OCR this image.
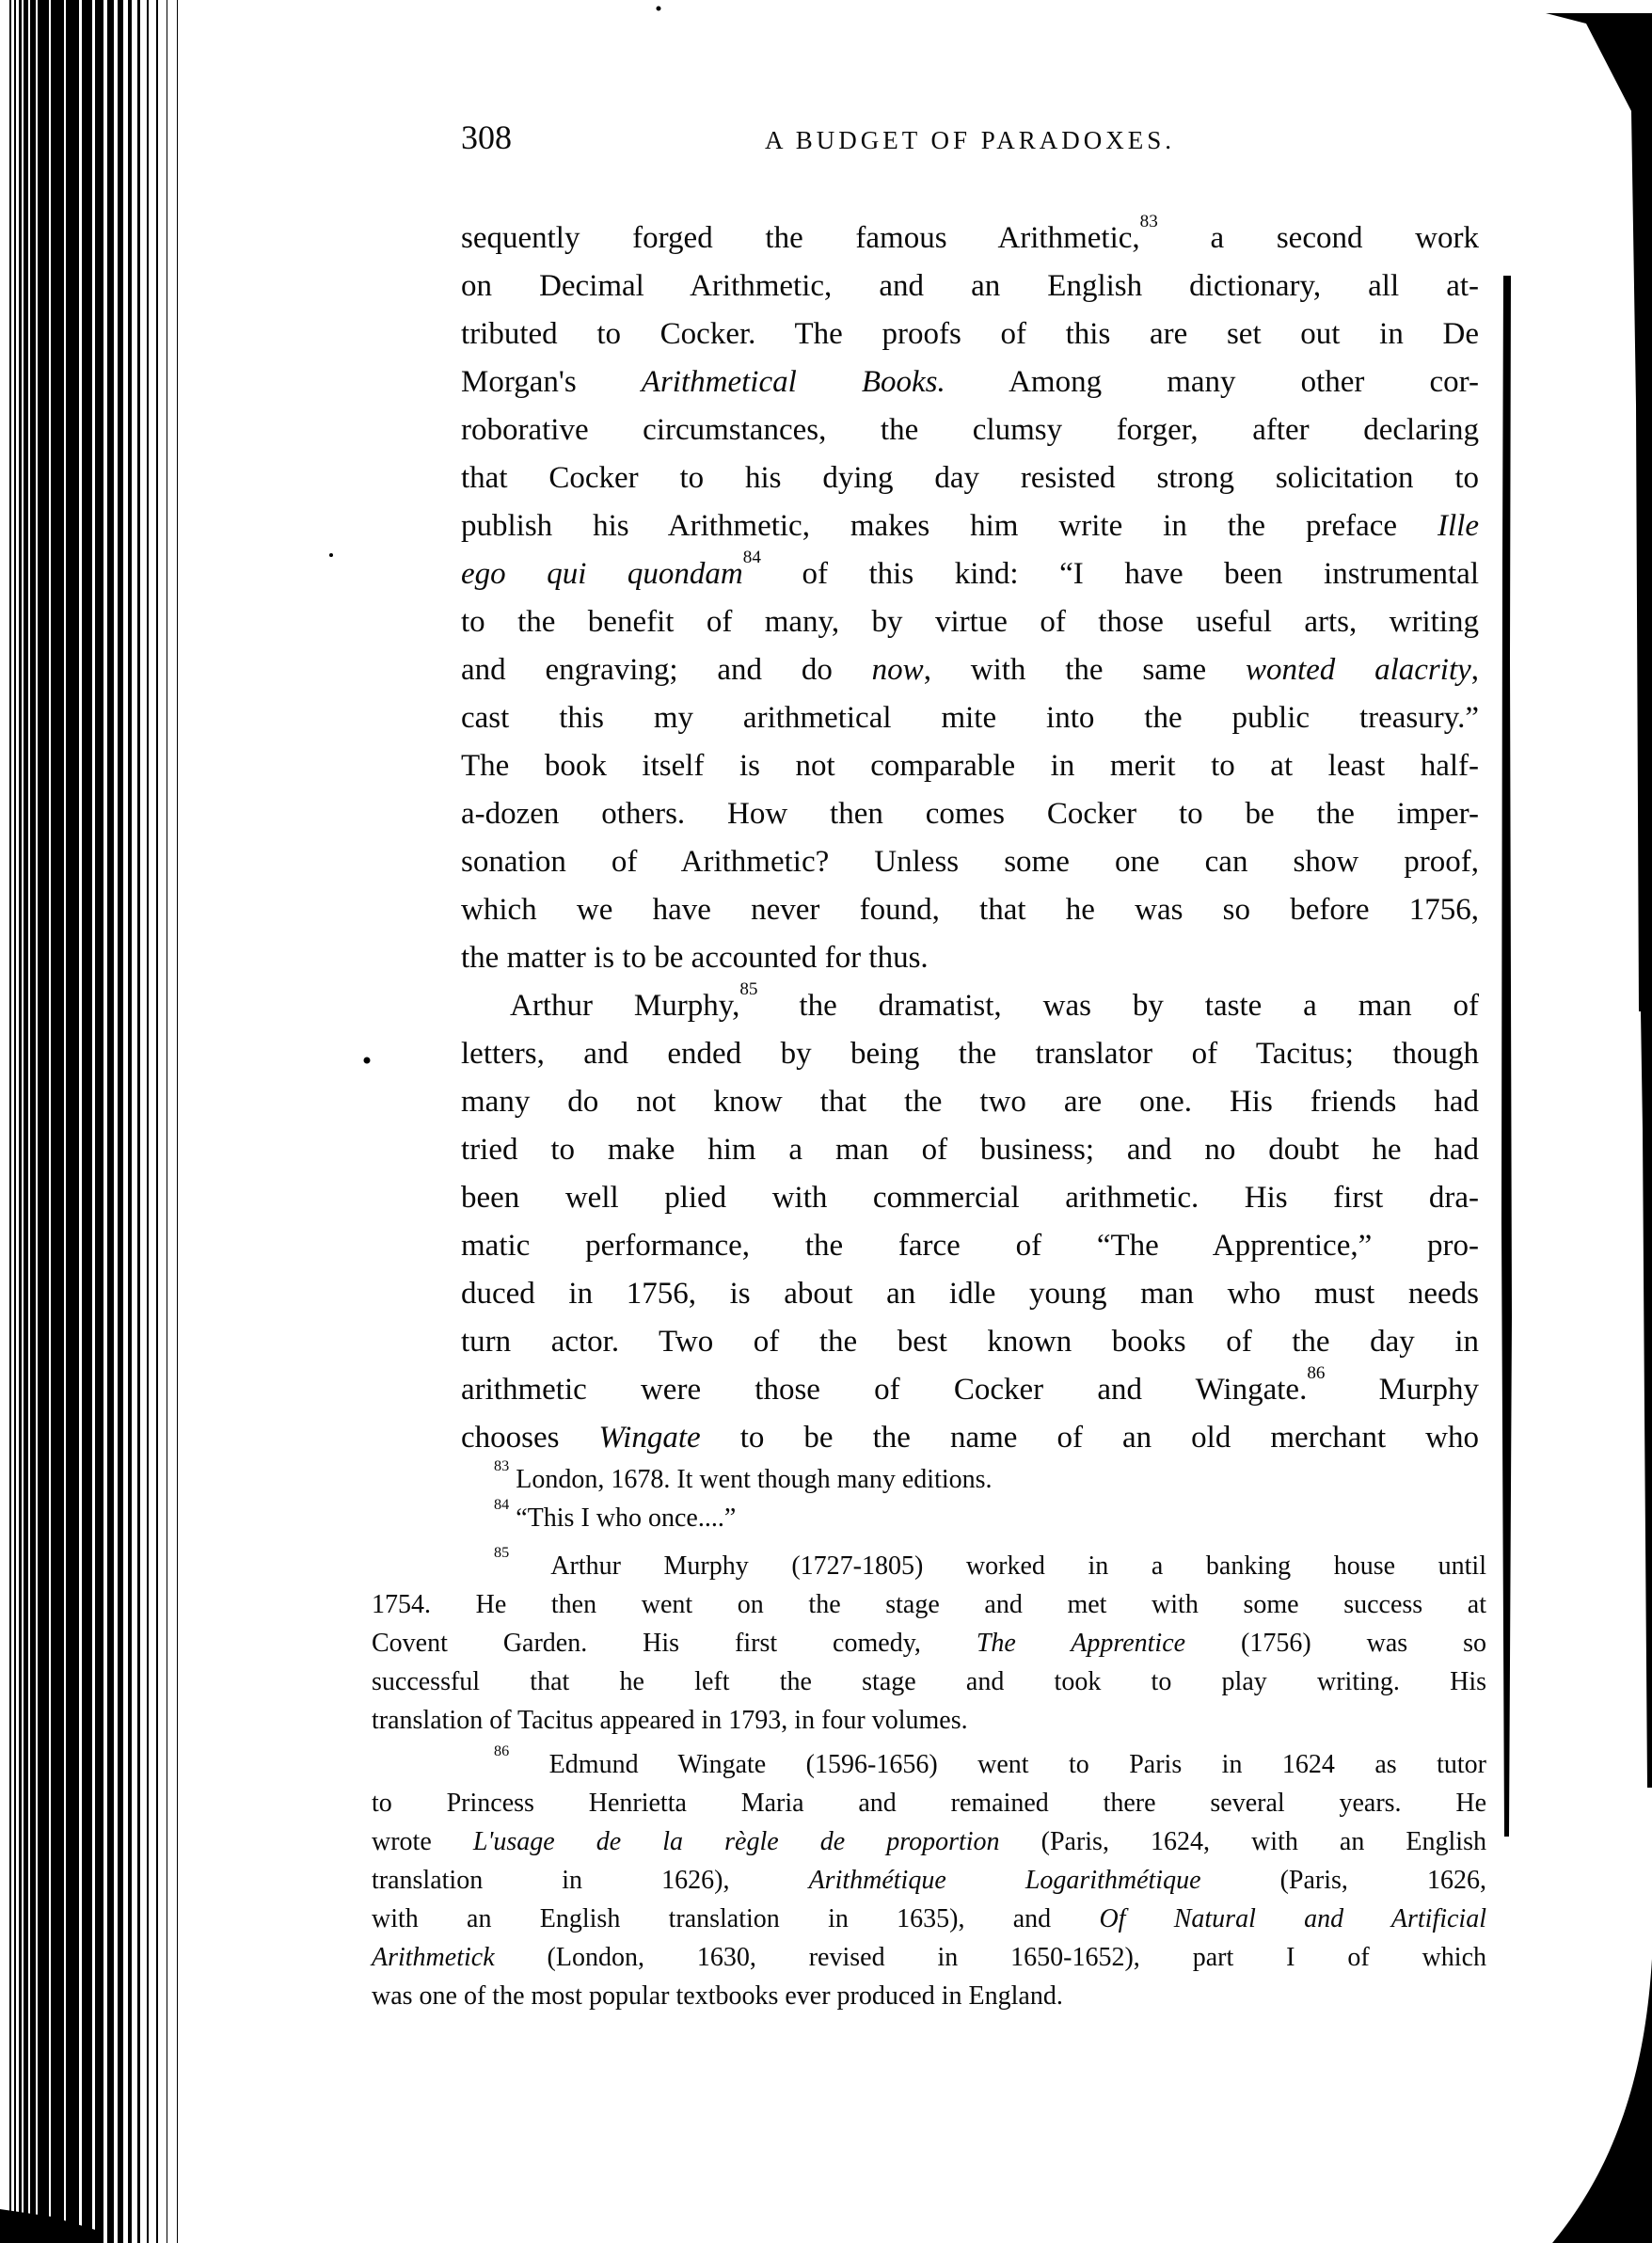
308	A BUDGET OF PARADOXES.
sequently forged the famous Arithmetic,$^{83}$ a second work
on Decimal Arithmetic, and an English dictionary, all at-
tributed to Cocker. The proofs of this are set out in De
Morgan's Arithmetical Books. Among many other cor-
roborative circumstances, the clumsy forger, after declaring
that Cocker to his dying day resisted strong solicitation to
publish his Arithmetic, makes him write in the preface Ille
ego qui quondam$^{84}$ of this kind: “I have been instrumental
to the benefit of many, by virtue of those useful arts, writing
and engraving; and do now, with the same wonted alacrity,
cast this my arithmetical mite into the public treasury.”
The book itself is not comparable in merit to at least half-
a-dozen others. How then comes Cocker to be the imper-
sonation of Arithmetic? Unless some one can show proof,
which we have never found, that he was so before 1756,
the matter is to be accounted for thus.
Arthur Murphy,$^{85}$ the dramatist, was by taste a man of
letters, and ended by being the translator of Tacitus; though
many do not know that the two are one. His friends had
tried to make him a man of business; and no doubt he had
been well plied with commercial arithmetic. His first dra-
matic performance, the farce of “The Apprentice,” pro-
duced in 1756, is about an idle young man who must needs
turn actor. Two of the best known books of the day in
arithmetic were those of Cocker and Wingate.$^{86}$ Murphy
chooses Wingate to be the name of an old merchant who
$^{83}$ London, 1678. It went though many editions.
$^{84}$ “This I who once....”
$^{85}$ Arthur Murphy (1727-1805) worked in a banking house until
1754. He then went on the stage and met with some success at
Covent Garden. His first comedy, The Apprentice (1756) was so
successful that he left the stage and took to play writing. His
translation of Tacitus appeared in 1793, in four volumes.
$^{86}$ Edmund Wingate (1596-1656) went to Paris in 1624 as tutor
to Princess Henrietta Maria and remained there several years. He
wrote L'usage de la règle de proportion (Paris, 1624, with an English
translation in 1626), Arithmétique Logarithmétique (Paris, 1626,
with an English translation in 1635), and Of Natural and Artificial
Arithmetick (London, 1630, revised in 1650-1652), part I of which
was one of the most popular textbooks ever produced in England.
